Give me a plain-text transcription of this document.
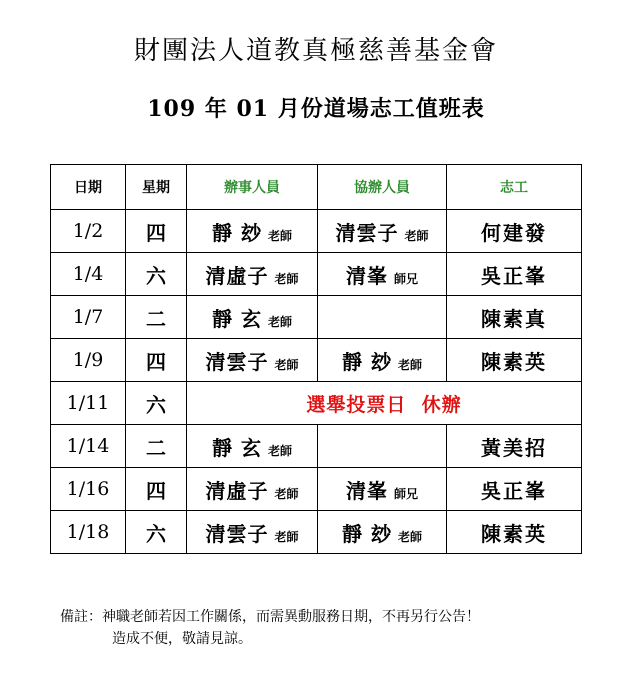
財團法人道教真極慈善基金會
109 年 01 月份道場志工值班表
日期	星期	辦事人員	協辦人員	志工
1/2	四	靜 玅 老師	清雲子 老師	何建發
1/4	六	清虛子 老師	清峯 師兄	吳正峯
1/7	二	靜 玄 老師		陳素真
1/9	四	清雲子 老師	靜 玅 老師	陳素英
1/11	六	選舉投票日  休辦		
1/14	二	靜 玄 老師		黃美招
1/16	四	清虛子 老師	清峯 師兄	吳正峯
1/18	六	清雲子 老師	靜 玅 老師	陳素英
備註：神職老師若因工作關係，而需異動服務日期，不再另行公告！
造成不便，敬請見諒。
